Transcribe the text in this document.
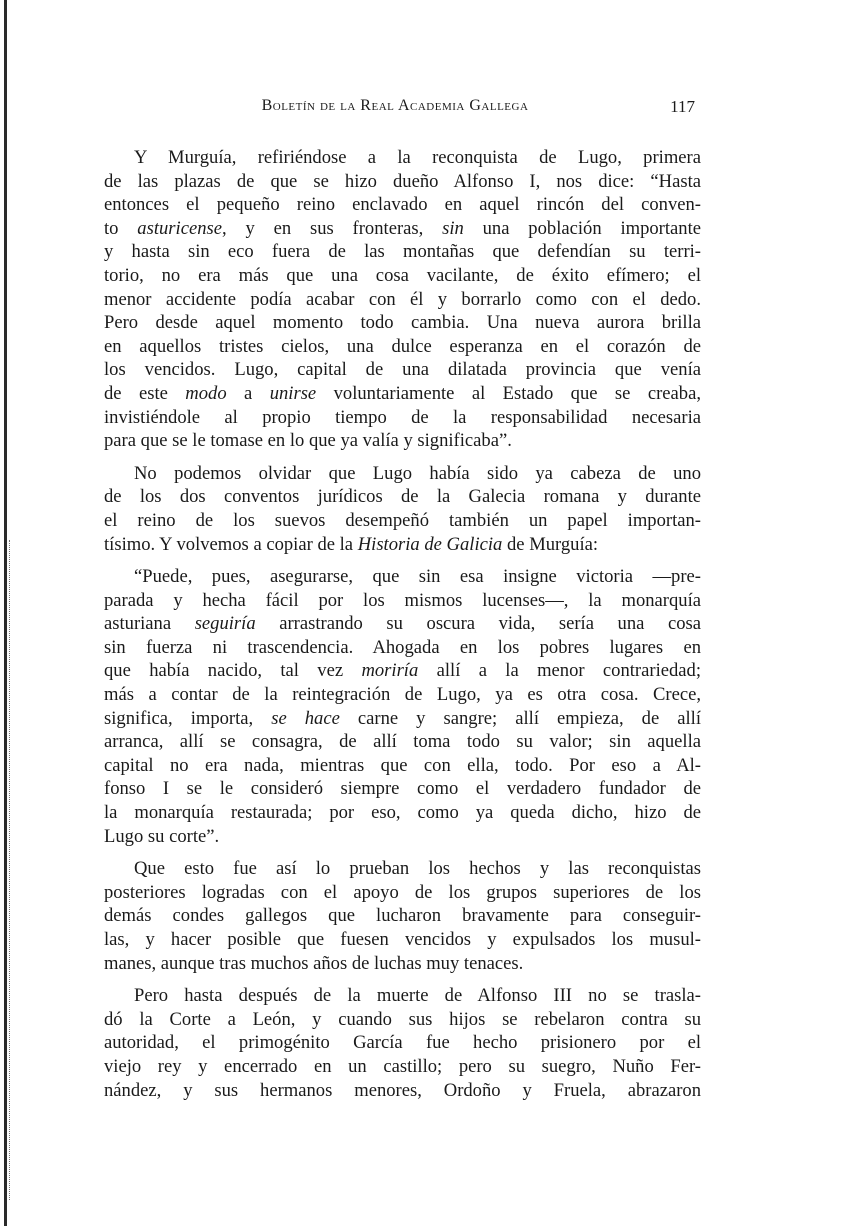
Boletín de la Real Academia Gallega	117
Y Murguía, refiriéndose a la reconquista de Lugo, primera
de las plazas de que se hizo dueño Alfonso I, nos dice: “Hasta
entonces el pequeño reino enclavado en aquel rincón del conven-
to asturicense, y en sus fronteras, sin una población importante
y hasta sin eco fuera de las montañas que defendían su terri-
torio, no era más que una cosa vacilante, de éxito efímero; el
menor accidente podía acabar con él y borrarlo como con el dedo.
Pero desde aquel momento todo cambia. Una nueva aurora brilla
en aquellos tristes cielos, una dulce esperanza en el corazón de
los vencidos. Lugo, capital de una dilatada provincia que venía
de este modo a unirse voluntariamente al Estado que se creaba,
invistiéndole al propio tiempo de la responsabilidad necesaria
para que se le tomase en lo que ya valía y significaba”.
No podemos olvidar que Lugo había sido ya cabeza de uno
de los dos conventos jurídicos de la Galecia romana y durante
el reino de los suevos desempeñó también un papel importan-
tísimo. Y volvemos a copiar de la Historia de Galicia de Murguía:
“Puede, pues, asegurarse, que sin esa insigne victoria —pre-
parada y hecha fácil por los mismos lucenses—, la monarquía
asturiana seguiría arrastrando su oscura vida, sería una cosa
sin fuerza ni trascendencia. Ahogada en los pobres lugares en
que había nacido, tal vez moriría allí a la menor contrariedad;
más a contar de la reintegración de Lugo, ya es otra cosa. Crece,
significa, importa, se hace carne y sangre; allí empieza, de allí
arranca, allí se consagra, de allí toma todo su valor; sin aquella
capital no era nada, mientras que con ella, todo. Por eso a Al-
fonso I se le consideró siempre como el verdadero fundador de
la monarquía restaurada; por eso, como ya queda dicho, hizo de
Lugo su corte”.
Que esto fue así lo prueban los hechos y las reconquistas
posteriores logradas con el apoyo de los grupos superiores de los
demás condes gallegos que lucharon bravamente para conseguir-
las, y hacer posible que fuesen vencidos y expulsados los musul-
manes, aunque tras muchos años de luchas muy tenaces.
Pero hasta después de la muerte de Alfonso III no se trasla-
dó la Corte a León, y cuando sus hijos se rebelaron contra su
autoridad, el primogénito García fue hecho prisionero por el
viejo rey y encerrado en un castillo; pero su suegro, Nuño Fer-
nández, y sus hermanos menores, Ordoño y Fruela, abrazaron
